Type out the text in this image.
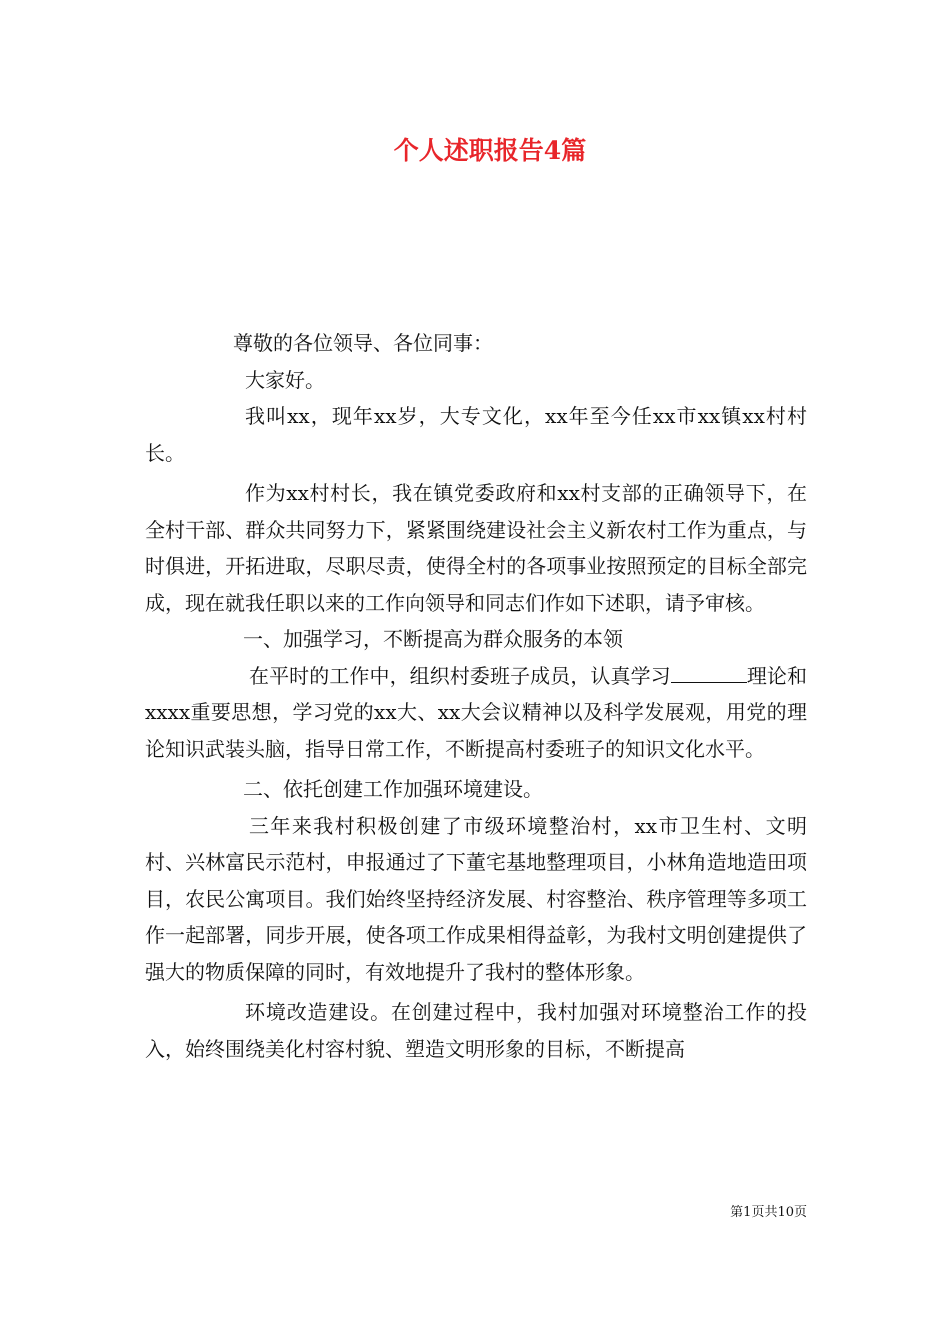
个人述职报告4篇

尊敬的各位领导、各位同事：

大家好。

我叫xx，现年xx岁，大专文化，xx年至今任xx市xx镇xx村村长。

作为xx村村长，我在镇党委政府和xx村支部的正确领导下，在全村干部、群众共同努力下，紧紧围绕建设社会主义新农村工作为重点，与时俱进，开拓进取，尽职尽责，使得全村的各项事业按照预定的目标全部完成，现在就我任职以来的工作向领导和同志们作如下述职，请予审核。

一、加强学习，不断提高为群众服务的本领

在平时的工作中，组织村委班子成员，认真学习	理论和xxxx重要思想，学习党的xx大、xx大会议精神以及科学发展观，用党的理论知识武装头脑，指导日常工作，不断提高村委班子的知识文化水平。

二、依托创建工作加强环境建设。

三年来我村积极创建了市级环境整治村，xx市卫生村、文明村、兴林富民示范村，申报通过了下董宅基地整理项目，小林角造地造田项目，农民公寓项目。我们始终坚持经济发展、村容整治、秩序管理等多项工作一起部署，同步开展，使各项工作成果相得益彰，为我村文明创建提供了强大的物质保障的同时，有效地提升了我村的整体形象。

环境改造建设。在创建过程中，我村加强对环境整治工作的投入，始终围绕美化村容村貌、塑造文明形象的目标，不断提高

第1页共10页
